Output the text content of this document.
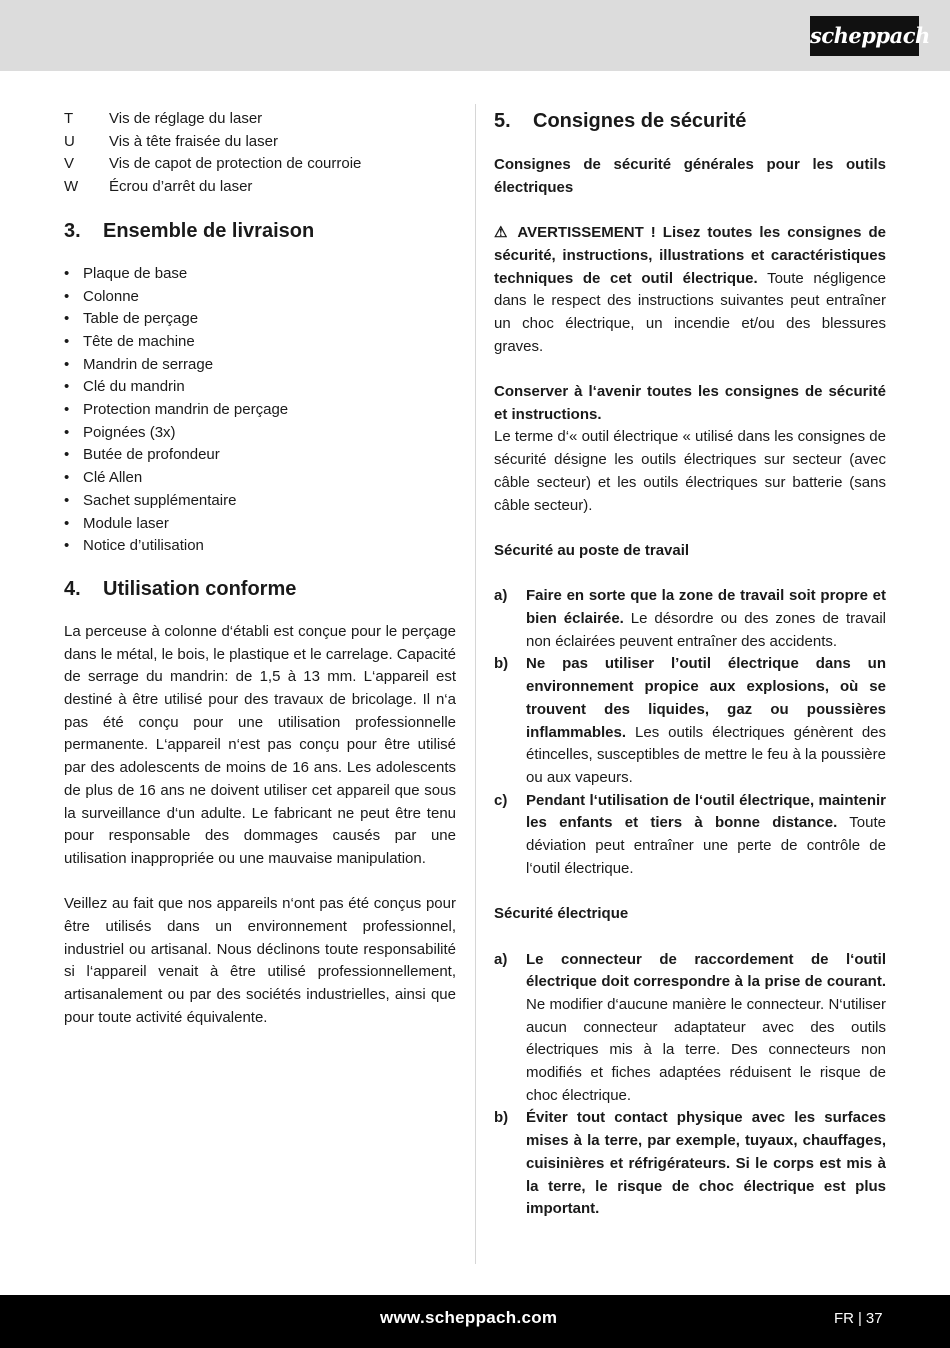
scheppach
T	Vis de réglage du laser
U	Vis à tête fraisée du laser
V	Vis de capot de protection de courroie
W	Écrou d’arrêt du laser
3.	Ensemble de livraison
• Plaque de base
• Colonne
• Table de perçage
• Tête de machine
• Mandrin de serrage
• Clé du mandrin
• Protection mandrin de perçage
• Poignées (3x)
• Butée de profondeur
• Clé Allen
• Sachet supplémentaire
• Module laser
• Notice d’utilisation
4.	Utilisation conforme

La perceuse à colonne d‘établi est conçue pour le perçage dans le métal, le bois, le plastique et le carrelage. Capacité de serrage du mandrin: de 1,5 à 13 mm. L‘appareil est destiné à être utilisé pour des travaux de bricolage. Il n‘a pas été conçu pour une utilisation professionnelle permanente. L‘appareil n‘est pas conçu pour être utilisé par des adolescents de moins de 16 ans. Les adolescents de plus de 16 ans ne doivent utiliser cet appareil que sous la surveillance d‘un adulte. Le fabricant ne peut être tenu pour responsable des dommages causés par une utilisation inappropriée ou une mauvaise manipulation.

Veillez au fait que nos appareils n‘ont pas été conçus pour être utilisés dans un environnement professionnel, industriel ou artisanal. Nous déclinons toute responsabilité si l‘appareil venait à être utilisé professionnellement, artisanalement ou par des sociétés industrielles, ainsi que pour toute activité équivalente.

5.	Consignes de sécurité

Consignes de sécurité générales pour les outils électriques

⚠ AVERTISSEMENT ! Lisez toutes les consignes de sécurité, instructions, illustrations et caractéristiques techniques de cet outil électrique. Toute négligence dans le respect des instructions suivantes peut entraîner un choc électrique, un incendie et/ou des blessures graves.

Conserver à l‘avenir toutes les consignes de sécurité et instructions.

Le terme d‘« outil électrique « utilisé dans les consignes de sécurité désigne les outils électriques sur secteur (avec câble secteur) et les outils électriques sur batterie (sans câble secteur).

Sécurité au poste de travail

a)	Faire en sorte que la zone de travail soit propre et bien éclairée. Le désordre ou des zones de travail non éclairées peuvent entraîner des accidents.
b)	Ne pas utiliser l’outil électrique dans un environnement propice aux explosions, où se trouvent des liquides, gaz ou poussières inflammables. Les outils électriques génèrent des étincelles, susceptibles de mettre le feu à la poussière ou aux vapeurs.
c)	Pendant l‘utilisation de l‘outil électrique, maintenir les enfants et tiers à bonne distance. Toute déviation peut entraîner une perte de contrôle de l‘outil électrique.

Sécurité électrique

a)	Le connecteur de raccordement de l‘outil électrique doit correspondre à la prise de courant. Ne modifier d‘aucune manière le connecteur. N‘utiliser aucun connecteur adaptateur avec des outils électriques mis à la terre. Des connecteurs non modifiés et fiches adaptées réduisent le risque de choc électrique.
b)	Éviter tout contact physique avec les surfaces mises à la terre, par exemple, tuyaux, chauffages, cuisinières et réfrigérateurs. Si le corps est mis à la terre, le risque de choc électrique est plus important.
www.scheppach.com	FR | 37
